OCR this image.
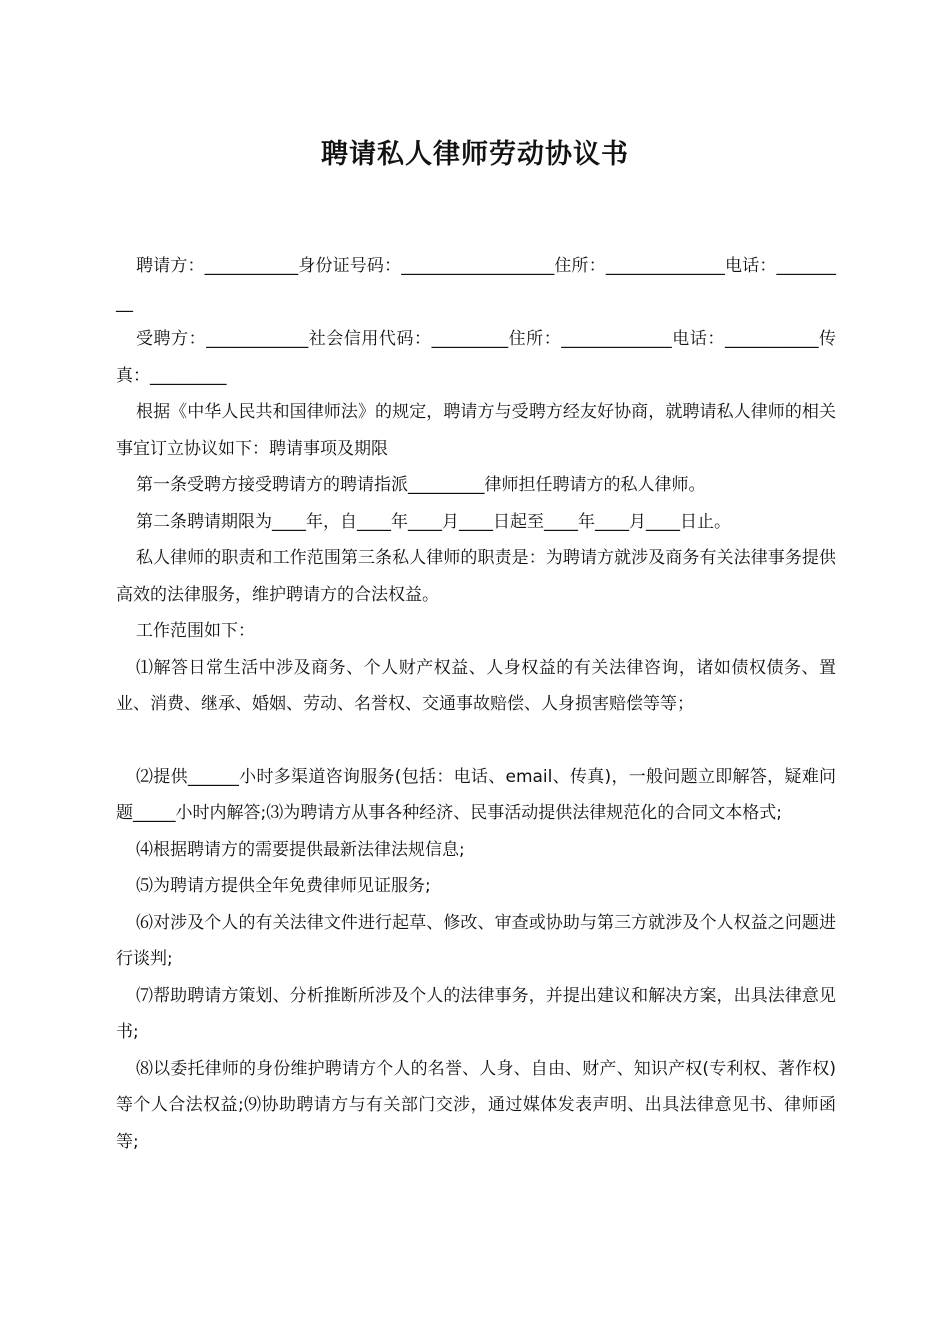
聘请私人律师劳动协议书

聘请方：___________身份证号码：__________________住所：______________电话：_________

受聘方：____________社会信用代码：_________住所：_____________电话：___________传真：_________

根据《中华人民共和国律师法》的规定，聘请方与受聘方经友好协商，就聘请私人律师的相关事宜订立协议如下：聘请事项及期限

第一条受聘方接受聘请方的聘请指派_________律师担任聘请方的私人律师。

第二条聘请期限为____年，自____年____月____日起至____年____月____日止。

私人律师的职责和工作范围第三条私人律师的职责是：为聘请方就涉及商务有关法律事务提供高效的法律服务，维护聘请方的合法权益。

工作范围如下：

⑴解答日常生活中涉及商务、个人财产权益、人身权益的有关法律咨询，诸如债权债务、置业、消费、继承、婚姻、劳动、名誉权、交通事故赔偿、人身损害赔偿等等；

⑵提供______小时多渠道咨询服务(包括：电话、email、传真)，一般问题立即解答，疑难问题_____小时内解答;⑶为聘请方从事各种经济、民事活动提供法律规范化的合同文本格式;

⑷根据聘请方的需要提供最新法律法规信息;

⑸为聘请方提供全年免费律师见证服务;

⑹对涉及个人的有关法律文件进行起草、修改、审查或协助与第三方就涉及个人权益之问题进行谈判;

⑺帮助聘请方策划、分析推断所涉及个人的法律事务，并提出建议和解决方案，出具法律意见书;

⑻以委托律师的身份维护聘请方个人的名誉、人身、自由、财产、知识产权(专利权、著作权)等个人合法权益;⑼协助聘请方与有关部门交涉，通过媒体发表声明、出具法律意见书、律师函等;
